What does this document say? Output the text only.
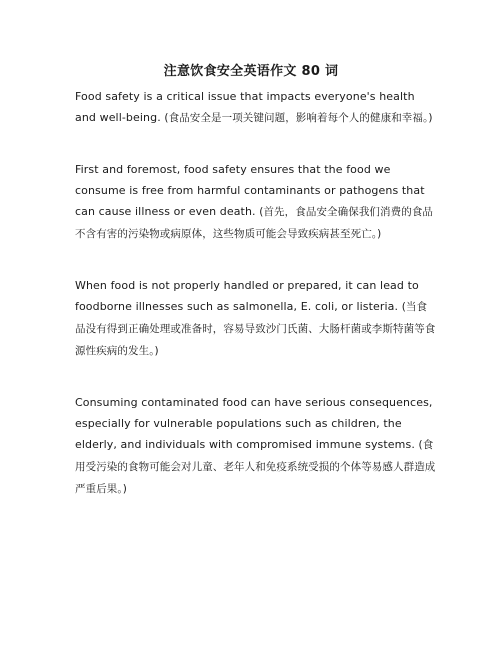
注意饮食安全英语作文 80 词

Food safety is a critical issue that impacts everyone's health and well-being. (食品安全是一项关键问题，影响着每个人的健康和幸福。)

First and foremost, food safety ensures that the food we consume is free from harmful contaminants or pathogens that can cause illness or even death. (首先，食品安全确保我们消费的食品不含有害的污染物或病原体，这些物质可能会导致疾病甚至死亡。)

When food is not properly handled or prepared, it can lead to foodborne illnesses such as salmonella, E. coli, or listeria. (当食品没有得到正确处理或准备时，容易导致沙门氏菌、大肠杆菌或李斯特菌等食源性疾病的发生。)

Consuming contaminated food can have serious consequences, especially for vulnerable populations such as children, the elderly, and individuals with compromised immune systems. (食用受污染的食物可能会对儿童、老年人和免疫系统受损的个体等易感人群造成严重后果。)
